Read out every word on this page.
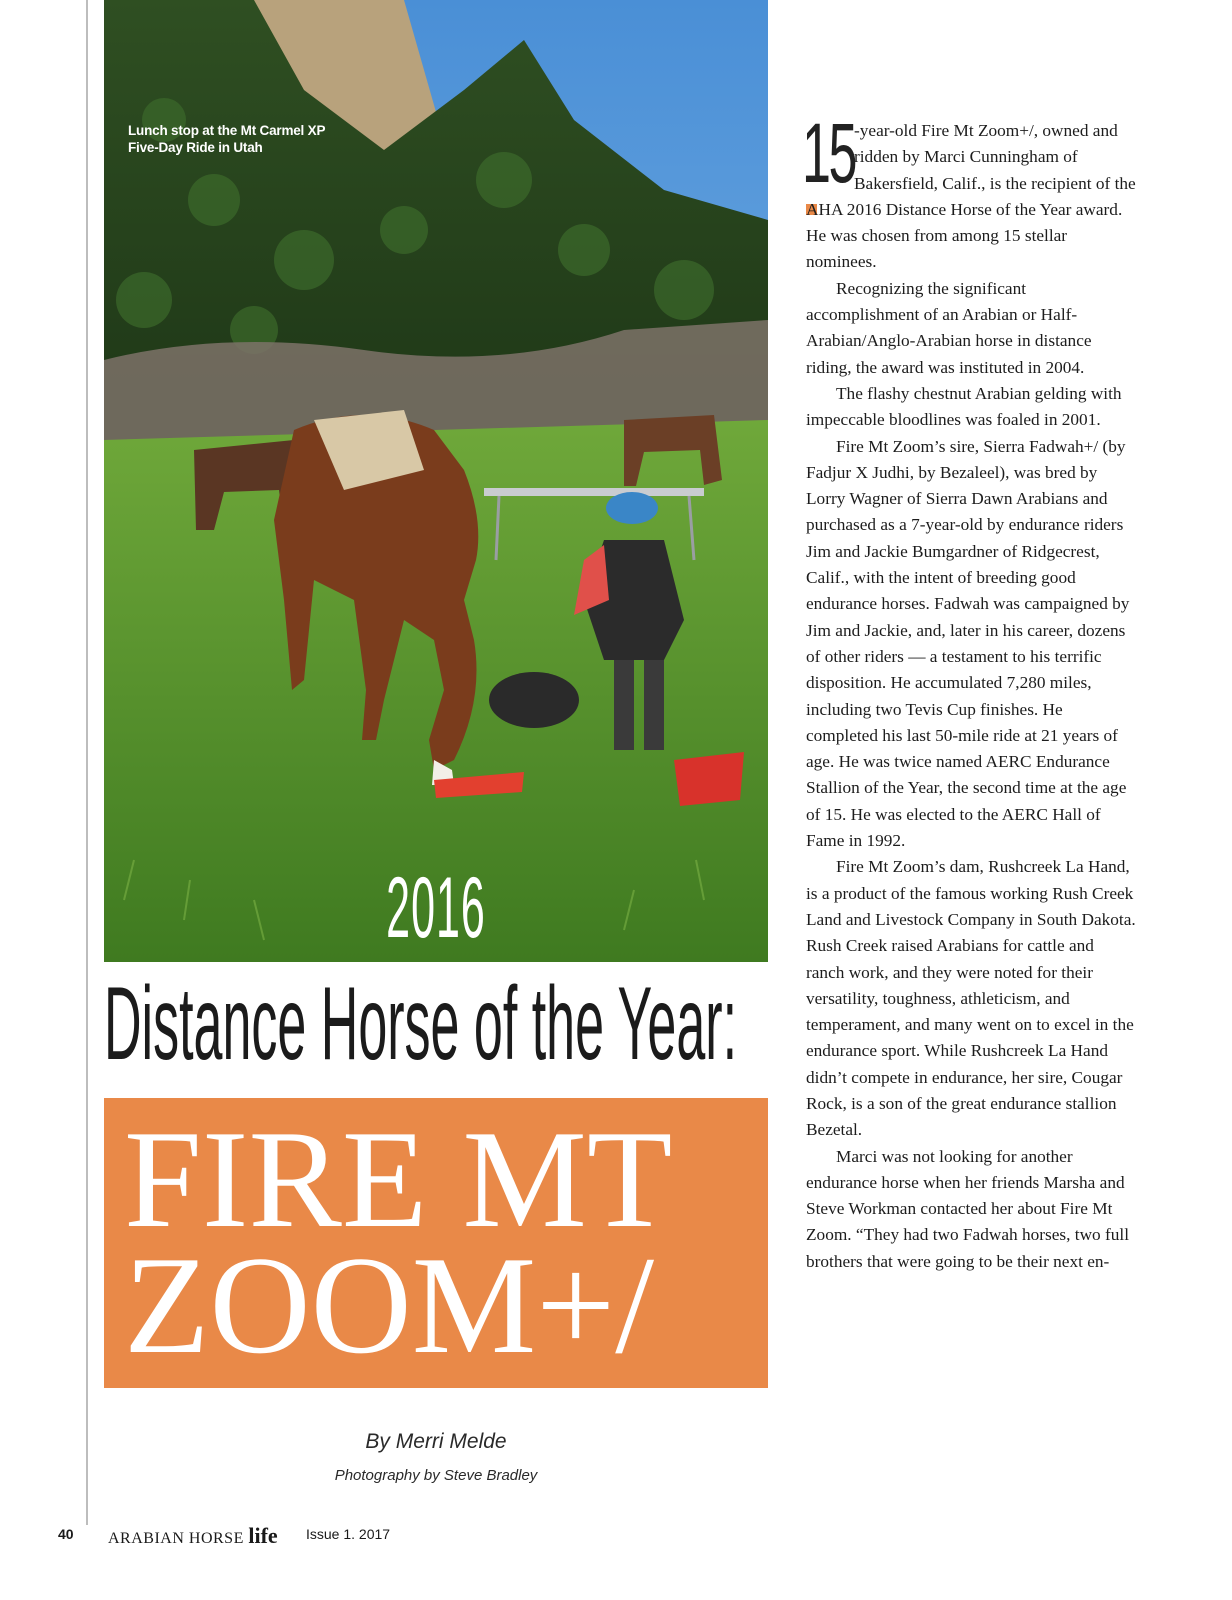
Lunch stop at the Mt Carmel XP Five-Day Ride in Utah
2016
Distance Horse of the Year:
FIRE MT
ZOOM+/
By Merri Melde
Photography by Steve Bradley

15 -year-old Fire Mt Zoom+/, owned and ridden by Marci Cunningham of Bakersfield, Calif., is the recipient of the AHA 2016 Distance Horse of the Year award. He was chosen from among 15 stellar nominees.

Recognizing the significant accomplishment of an Arabian or Half-Arabian/Anglo-Arabian horse in distance riding, the award was instituted in 2004.

The flashy chestnut Arabian gelding with impeccable bloodlines was foaled in 2001.

Fire Mt Zoom’s sire, Sierra Fadwah+/ (by Fadjur X Judhi, by Bezaleel), was bred by Lorry Wagner of Sierra Dawn Arabians and purchased as a 7-year-old by endurance riders Jim and Jackie Bumgardner of Ridgecrest, Calif., with the intent of breeding good endurance horses. Fadwah was campaigned by Jim and Jackie, and, later in his career, dozens of other riders — a testament to his terrific disposition. He accumulated 7,280 miles, including two Tevis Cup finishes. He completed his last 50-mile ride at 21 years of age. He was twice named AERC Endurance Stallion of the Year, the second time at the age of 15. He was elected to the AERC Hall of Fame in 1992.

Fire Mt Zoom’s dam, Rushcreek La Hand, is a product of the famous working Rush Creek Land and Livestock Company in South Dakota. Rush Creek raised Arabians for cattle and ranch work, and they were noted for their versatility, toughness, athleticism, and temperament, and many went on to excel in the endurance sport. While Rushcreek La Hand didn’t compete in endurance, her sire, Cougar Rock, is a son of the great endurance stallion Bezetal.

Marci was not looking for another endurance horse when her friends Marsha and Steve Workman contacted her about Fire Mt Zoom. “They had two Fadwah horses, two full brothers that were going to be their next en-

40 ARABIAN HORSE life Issue 1. 2017
